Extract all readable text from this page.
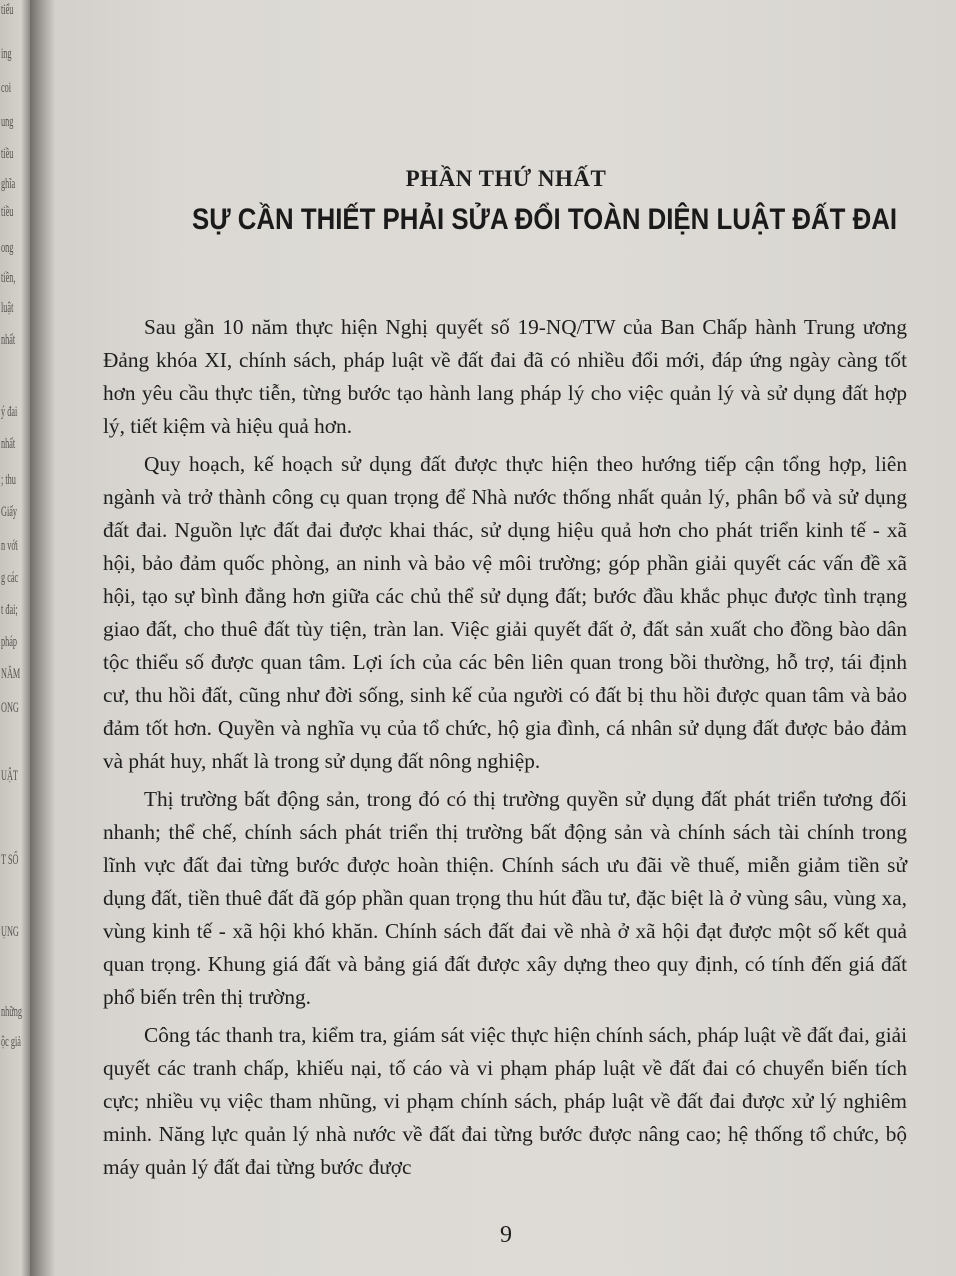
tiểu
ing
coi
ung
tiều
ghĩa
tiều
ong
tiền,
luật
nhất
ý đai
nhất
; thu
Giấy
n với
g các
t đai;
pháp
NĂM
ONG
UẬT
T SỐ
ỤNG
những
ộc giả
PHẦN THỨ NHẤT
SỰ CẦN THIẾT PHẢI SỬA ĐỔI TOÀN DIỆN LUẬT ĐẤT ĐAI

Sau gần 10 năm thực hiện Nghị quyết số 19-NQ/TW của Ban Chấp hành Trung ương Đảng khóa XI, chính sách, pháp luật về đất đai đã có nhiều đổi mới, đáp ứng ngày càng tốt hơn yêu cầu thực tiễn, từng bước tạo hành lang pháp lý cho việc quản lý và sử dụng đất hợp lý, tiết kiệm và hiệu quả hơn.

Quy hoạch, kế hoạch sử dụng đất được thực hiện theo hướng tiếp cận tổng hợp, liên ngành và trở thành công cụ quan trọng để Nhà nước thống nhất quản lý, phân bổ và sử dụng đất đai. Nguồn lực đất đai được khai thác, sử dụng hiệu quả hơn cho phát triển kinh tế - xã hội, bảo đảm quốc phòng, an ninh và bảo vệ môi trường; góp phần giải quyết các vấn đề xã hội, tạo sự bình đẳng hơn giữa các chủ thể sử dụng đất; bước đầu khắc phục được tình trạng giao đất, cho thuê đất tùy tiện, tràn lan. Việc giải quyết đất ở, đất sản xuất cho đồng bào dân tộc thiểu số được quan tâm. Lợi ích của các bên liên quan trong bồi thường, hỗ trợ, tái định cư, thu hồi đất, cũng như đời sống, sinh kế của người có đất bị thu hồi được quan tâm và bảo đảm tốt hơn. Quyền và nghĩa vụ của tổ chức, hộ gia đình, cá nhân sử dụng đất được bảo đảm và phát huy, nhất là trong sử dụng đất nông nghiệp.

Thị trường bất động sản, trong đó có thị trường quyền sử dụng đất phát triển tương đối nhanh; thể chế, chính sách phát triển thị trường bất động sản và chính sách tài chính trong lĩnh vực đất đai từng bước được hoàn thiện. Chính sách ưu đãi về thuế, miễn giảm tiền sử dụng đất, tiền thuê đất đã góp phần quan trọng thu hút đầu tư, đặc biệt là ở vùng sâu, vùng xa, vùng kinh tế - xã hội khó khăn. Chính sách đất đai về nhà ở xã hội đạt được một số kết quả quan trọng. Khung giá đất và bảng giá đất được xây dựng theo quy định, có tính đến giá đất phổ biến trên thị trường.

Công tác thanh tra, kiểm tra, giám sát việc thực hiện chính sách, pháp luật về đất đai, giải quyết các tranh chấp, khiếu nại, tố cáo và vi phạm pháp luật về đất đai có chuyển biến tích cực; nhiều vụ việc tham nhũng, vi phạm chính sách, pháp luật về đất đai được xử lý nghiêm minh. Năng lực quản lý nhà nước về đất đai từng bước được nâng cao; hệ thống tổ chức, bộ máy quản lý đất đai từng bước được

9
